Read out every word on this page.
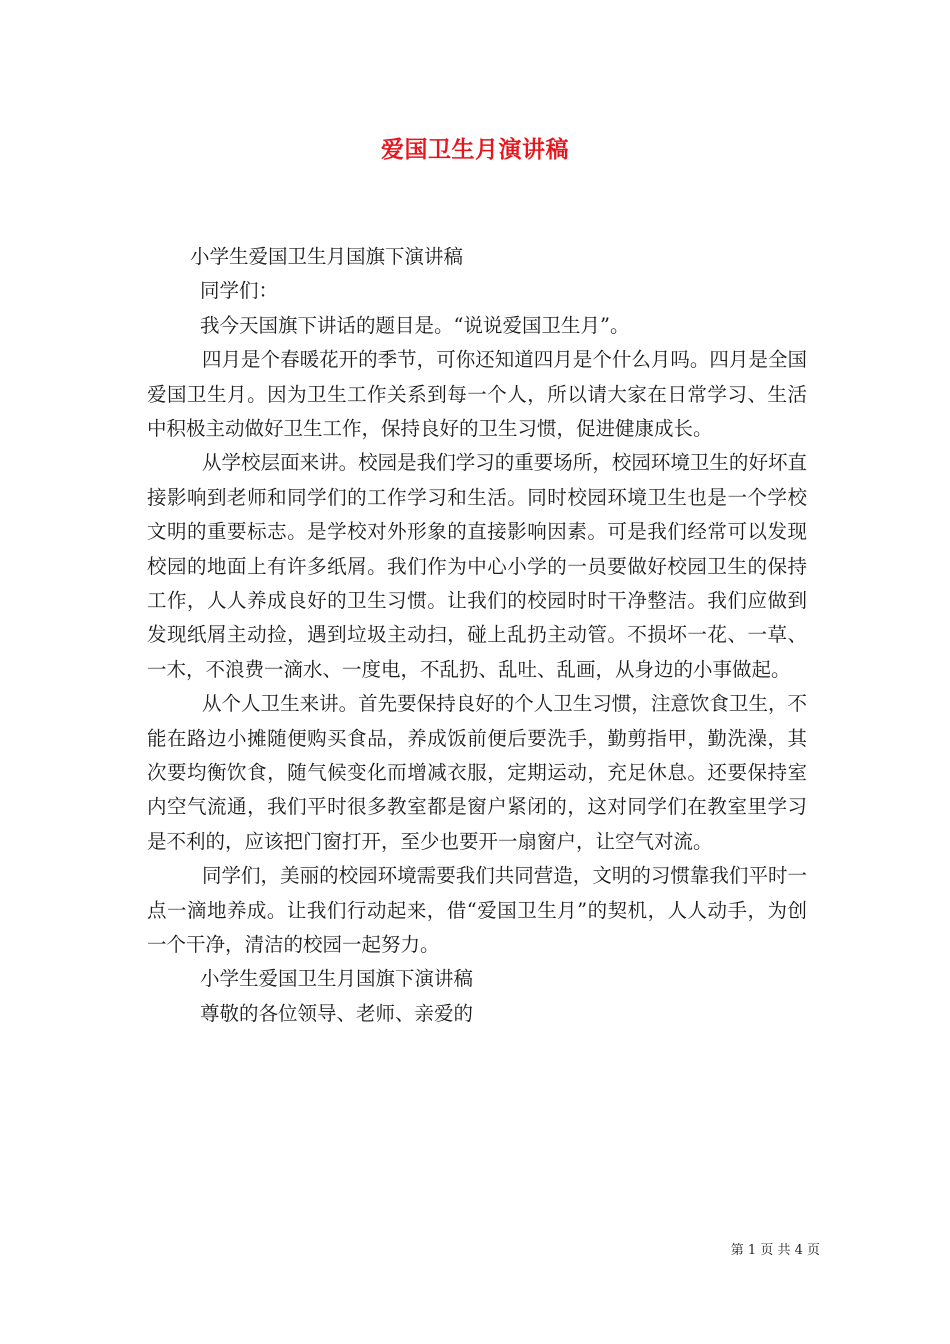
爱国卫生月演讲稿
小学生爱国卫生月国旗下演讲稿
同学们：
我今天国旗下讲话的题目是。“说说爱国卫生月”。

四月是个春暖花开的季节，可你还知道四月是个什么月吗。四月是全国爱国卫生月。因为卫生工作关系到每一个人，所以请大家在日常学习、生活中积极主动做好卫生工作，保持良好的卫生习惯，促进健康成长。

从学校层面来讲。校园是我们学习的重要场所，校园环境卫生的好坏直接影响到老师和同学们的工作学习和生活。同时校园环境卫生也是一个学校文明的重要标志。是学校对外形象的直接影响因素。可是我们经常可以发现校园的地面上有许多纸屑。我们作为中心小学的一员要做好校园卫生的保持工作，人人养成良好的卫生习惯。让我们的校园时时干净整洁。我们应做到发现纸屑主动捡，遇到垃圾主动扫，碰上乱扔主动管。不损坏一花、一草、一木，不浪费一滴水、一度电，不乱扔、乱吐、乱画，从身边的小事做起。

从个人卫生来讲。首先要保持良好的个人卫生习惯，注意饮食卫生，不能在路边小摊随便购买食品，养成饭前便后要洗手，勤剪指甲，勤洗澡，其次要均衡饮食，随气候变化而增减衣服，定期运动，充足休息。还要保持室内空气流通，我们平时很多教室都是窗户紧闭的，这对同学们在教室里学习是不利的，应该把门窗打开，至少也要开一扇窗户，让空气对流。

同学们，美丽的校园环境需要我们共同营造，文明的习惯靠我们平时一点一滴地养成。让我们行动起来，借“爱国卫生月”的契机，人人动手，为创一个干净，清洁的校园一起努力。

小学生爱国卫生月国旗下演讲稿
尊敬的各位领导、老师、亲爱的
第 1 页 共 4 页
